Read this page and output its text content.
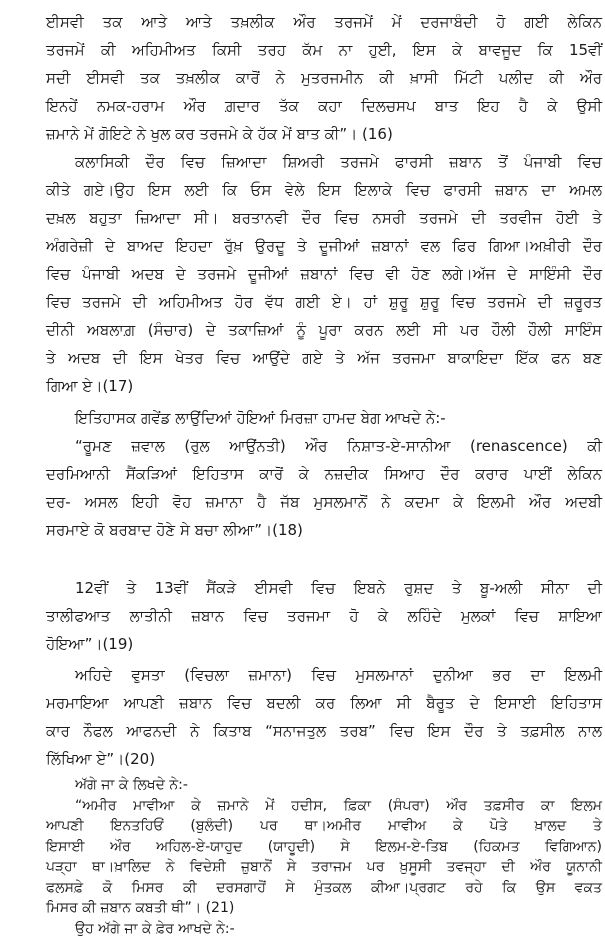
ਈਸਵੀ ਤਕ ਆਤੇ ਆਤੇ ਤਖ਼ਲੀਕ ਔਰ ਤਰਜਮੇਂ ਮੇਂ ਦਰਜਾਬੰਦੀ ਹੋ ਗਈ ਲੇਕਿਨ
ਤਰਜਮੇਂ ਕੀ ਅਹਿਮੀਅਤ ਕਿਸੀ ਤਰਹ ਕੱਮ ਨਾ ਹੁਈ, ਇਸ ਕੇ ਬਾਵਜੂਦ ਕਿ 15ਵੀਂ
ਸਦੀ ਈਸਵੀ ਤਕ ਤਖ਼ਲੀਕ ਕਾਰੋਂ ਨੇ ਮੁਤਰਜਮੀਨ ਕੀ ਖ਼ਾਸੀ ਮਿੱਟੀ ਪਲੀਦ ਕੀ ਔਰ
ਇਨਹੇਂ ਨਮਕ-ਹਰਾਮ ਔਰ ਗ਼ਦਾਰ ਤੱਕ ਕਹਾ ਦਿਲਚਸਪ ਬਾਤ ਇਹ ਹੈ ਕੇ ਉਸੀ
ਜ਼ਮਾਨੇ ਮੇਂ ਗੋਇਟੇ ਨੇ ਖੁਲ ਕਰ ਤਰਜਮੇ ਕੇ ਹੱਕ ਮੇਂ ਬਾਤ ਕੀ”। (16)
ਕਲਾਸਿਕੀ ਦੌਰ ਵਿਚ ਜ਼ਿਆਦਾ ਸ਼ਿਅਰੀ ਤਰਜਮੇ ਫਾਰਸੀ ਜ਼ਬਾਨ ਤੋਂ ਪੰਜਾਬੀ ਵਿਚ
ਕੀਤੇ ਗਏ।ਉਹ ਇਸ ਲਈ ਕਿ ਓਸ ਵੇਲੇ ਇਸ ਇਲਾਕੇ ਵਿਚ ਫਾਰਸੀ ਜ਼ਬਾਨ ਦਾ ਅਮਲ
ਦਖ਼ਲ ਬਹੁਤਾ ਜ਼ਿਆਦਾ ਸੀ। ਬਰਤਾਨਵੀ ਦੌਰ ਵਿਚ ਨਸਰੀ ਤਰਜਮੇ ਦੀ ਤਰਵੀਜ ਹੋਈ ਤੇ
ਅੰਗਰੇਜ਼ੀ ਦੇ ਬਾਅਦ ਇਹਦਾ ਰੁੱਖ਼ ਉਰਦੂ ਤੇ ਦੂਜੀਆਂ ਜ਼ਬਾਨਾਂ ਵਲ ਫਿਰ ਗਿਆ।ਅਖ਼ੀਰੀ ਦੌਰ
ਵਿਚ ਪੰਜਾਬੀ ਅਦਬ ਦੇ ਤਰਜਮੇ ਦੂਜੀਆਂ ਜ਼ਬਾਨਾਂ ਵਿਚ ਵੀ ਹੋਣ ਲਗੇ।ਅੱਜ ਦੇ ਸਾਇੰਸੀ ਦੌਰ
ਵਿਚ ਤਰਜਮੇ ਦੀ ਅਹਿਮੀਅਤ ਹੋਰ ਵੱਧ ਗਈ ਏ। ਹਾਂ ਸ਼ੁਰੂ ਸ਼ੁਰੂ ਵਿਚ ਤਰਜਮੇ ਦੀ ਜ਼ਰੂਰਤ
ਦੀਨੀ ਅਬਲਾਗ਼ (ਸੰਚਾਰ) ਦੇ ਤਕਾਜ਼ਿਆਂ ਨੂੰ ਪੂਰਾ ਕਰਨ ਲਈ ਸੀ ਪਰ ਹੌਲੀ ਹੌਲੀ ਸਾਇੰਸ
ਤੇ ਅਦਬ ਦੀ ਇਸ ਖੇਤਰ ਵਿਚ ਆਉਂਦੇ ਗਏ ਤੇ ਅੱਜ ਤਰਜਮਾ ਬਾਕਾਇਦਾ ਇੱਕ ਫਨ ਬਣ
ਗਿਆ ਏ।(17)
ਇਤਿਹਾਸਕ ਗਵੇਂਡ ਲਾਉਂਦਿਆਂ ਹੋਇਆਂ ਮਿਰਜ਼ਾ ਹਾਮਦ ਬੇਗ ਆਖਦੇ ਨੇ:-
“ਰੂਮਣ ਜ਼ਵਾਲ (ਰੁਲ ਆਉਂਨਤੀ) ਔਰ ਨਿਸ਼ਾਤ-ਏ-ਸਾਨੀਆ (renascence) ਕੀ
ਦਰਮਿਆਨੀ ਸੈਂਕੜਿਆਂ ਇਹਿਤਾਸ ਕਾਰੋਂ ਕੇ ਨਜ਼ਦੀਕ ਸਿਆਹ ਦੌਰ ਕਰਾਰ ਪਾਈਂ ਲੇਕਿਨ
ਦਰ- ਅਸਲ ਇਹੀ ਵੋਹ ਜ਼ਮਾਨਾ ਹੈ ਜੱਬ ਮੁਸਲਮਾਨੋਂ ਨੇ ਕਦਮਾ ਕੇ ਇਲਮੀ ਔਰ ਅਦਬੀ
ਸਰਮਾਏ ਕੋ ਬਰਬਾਦ ਹੋਣੇ ਸੇ ਬਚਾ ਲੀਆ”।(18)
12ਵੀਂ ਤੇ 13ਵੀਂ ਸੈਂਕੜੇ ਈਸਵੀ ਵਿਚ ਇਬਨੇ ਰੁਸ਼ਦ ਤੇ ਬੂ-ਅਲੀ ਸੀਨਾ ਦੀ
ਤਾਲੀਫਆਤ ਲਾਤੀਨੀ ਜ਼ਬਾਨ ਵਿਚ ਤਰਜਮਾ ਹੋ ਕੇ ਲਹਿੰਦੇ ਮੁਲਕਾਂ ਵਿਚ ਸ਼ਾਇਆ
ਹੋਇਆ”।(19)
ਅਹਿਦੇ ਵੁਸਤਾ (ਵਿਚਲਾ ਜ਼ਮਾਨਾ) ਵਿਚ ਮੁਸਲਮਾਨਾਂ ਦੁਨੀਆ ਭਰ ਦਾ ਇਲਮੀ
ਮਰਮਾਇਆ ਆਪਣੀ ਜ਼ਬਾਨ ਵਿਚ ਬਦਲੀ ਕਰ ਲਿਆ ਸੀ ਬੈਰੂਤ ਦੇ ਇਸਾਈ ਇਹਿਤਾਸ
ਕਾਰ ਨੌਫਲ ਆਫਨਦੀ ਨੇ ਕਿਤਾਬ “ਸਨਾਜਤੁਲ ਤਰਬ” ਵਿਚ ਇਸ ਦੌਰ ਤੇ ਤਫ਼ਸੀਲ ਨਾਲ
ਲਿੱਖਿਆ ਏ”।(20)
ਅੱਗੇ ਜਾ ਕੇ ਲਿਖਦੇ ਨੇ:-
“ਅਮੀਰ ਮਾਵੀਆ ਕੇ ਜ਼ਮਾਨੇ ਮੇਂ ਹਦੀਸ, ਫ਼ਿਕਾ (ਸੰਪਰਾ) ਔਰ ਤਫ਼ਸੀਰ ਕਾ ਇਲਮ
ਆਪਣੀ ਇਨਤਹਿਓਂ (ਬੁਲੰਦੀ) ਪਰ ਥਾ।ਅਮੀਰ ਮਾਵੀਅ ਕੇ ਪੋਤੇ ਖ਼ਾਲਦ ਤੇ
ਇਸਾਈ ਔਰ ਅਹਿਲ-ਏ-ਯਾਹੁਦ (ਯਾਹੂਦੀ) ਸੇ ਇਲਮ-ਏ-ਤਿਬ (ਹਿਕਮਤ ਵਿਗਿਆਨ)
ਪੜ੍ਹਾ ਥਾ।ਖ਼ਾਲਿਦ ਨੇ ਵਿਦੇਸ਼ੀ ਜ਼ੁਬਾਨੋਂ ਸੇ ਤਰਾਜਮ ਪਰ ਖ਼ੁਸੂਸੀ ਤਵਜ੍ਹਾ ਦੀ ਔਰ ਯੂਨਾਨੀ
ਫਲਸਫ਼ੇ ਕੋ ਮਿਸਰ ਕੀ ਦਰਸਗਾਹੋਂ ਸੇ ਮੁੰਤਕਲ ਕੀਆ।ਪ੍ਰਗਟ ਰਹੇ ਕਿ ਉਸ ਵਕਤ
ਮਿਸਰ ਕੀ ਜ਼ਬਾਨ ਕਬਤੀ ਥੀ”। (21)
ਉਹ ਅੱਗੇ ਜਾ ਕੇ ਫ਼ੇਰ ਆਖਦੇ ਨੇ:-
